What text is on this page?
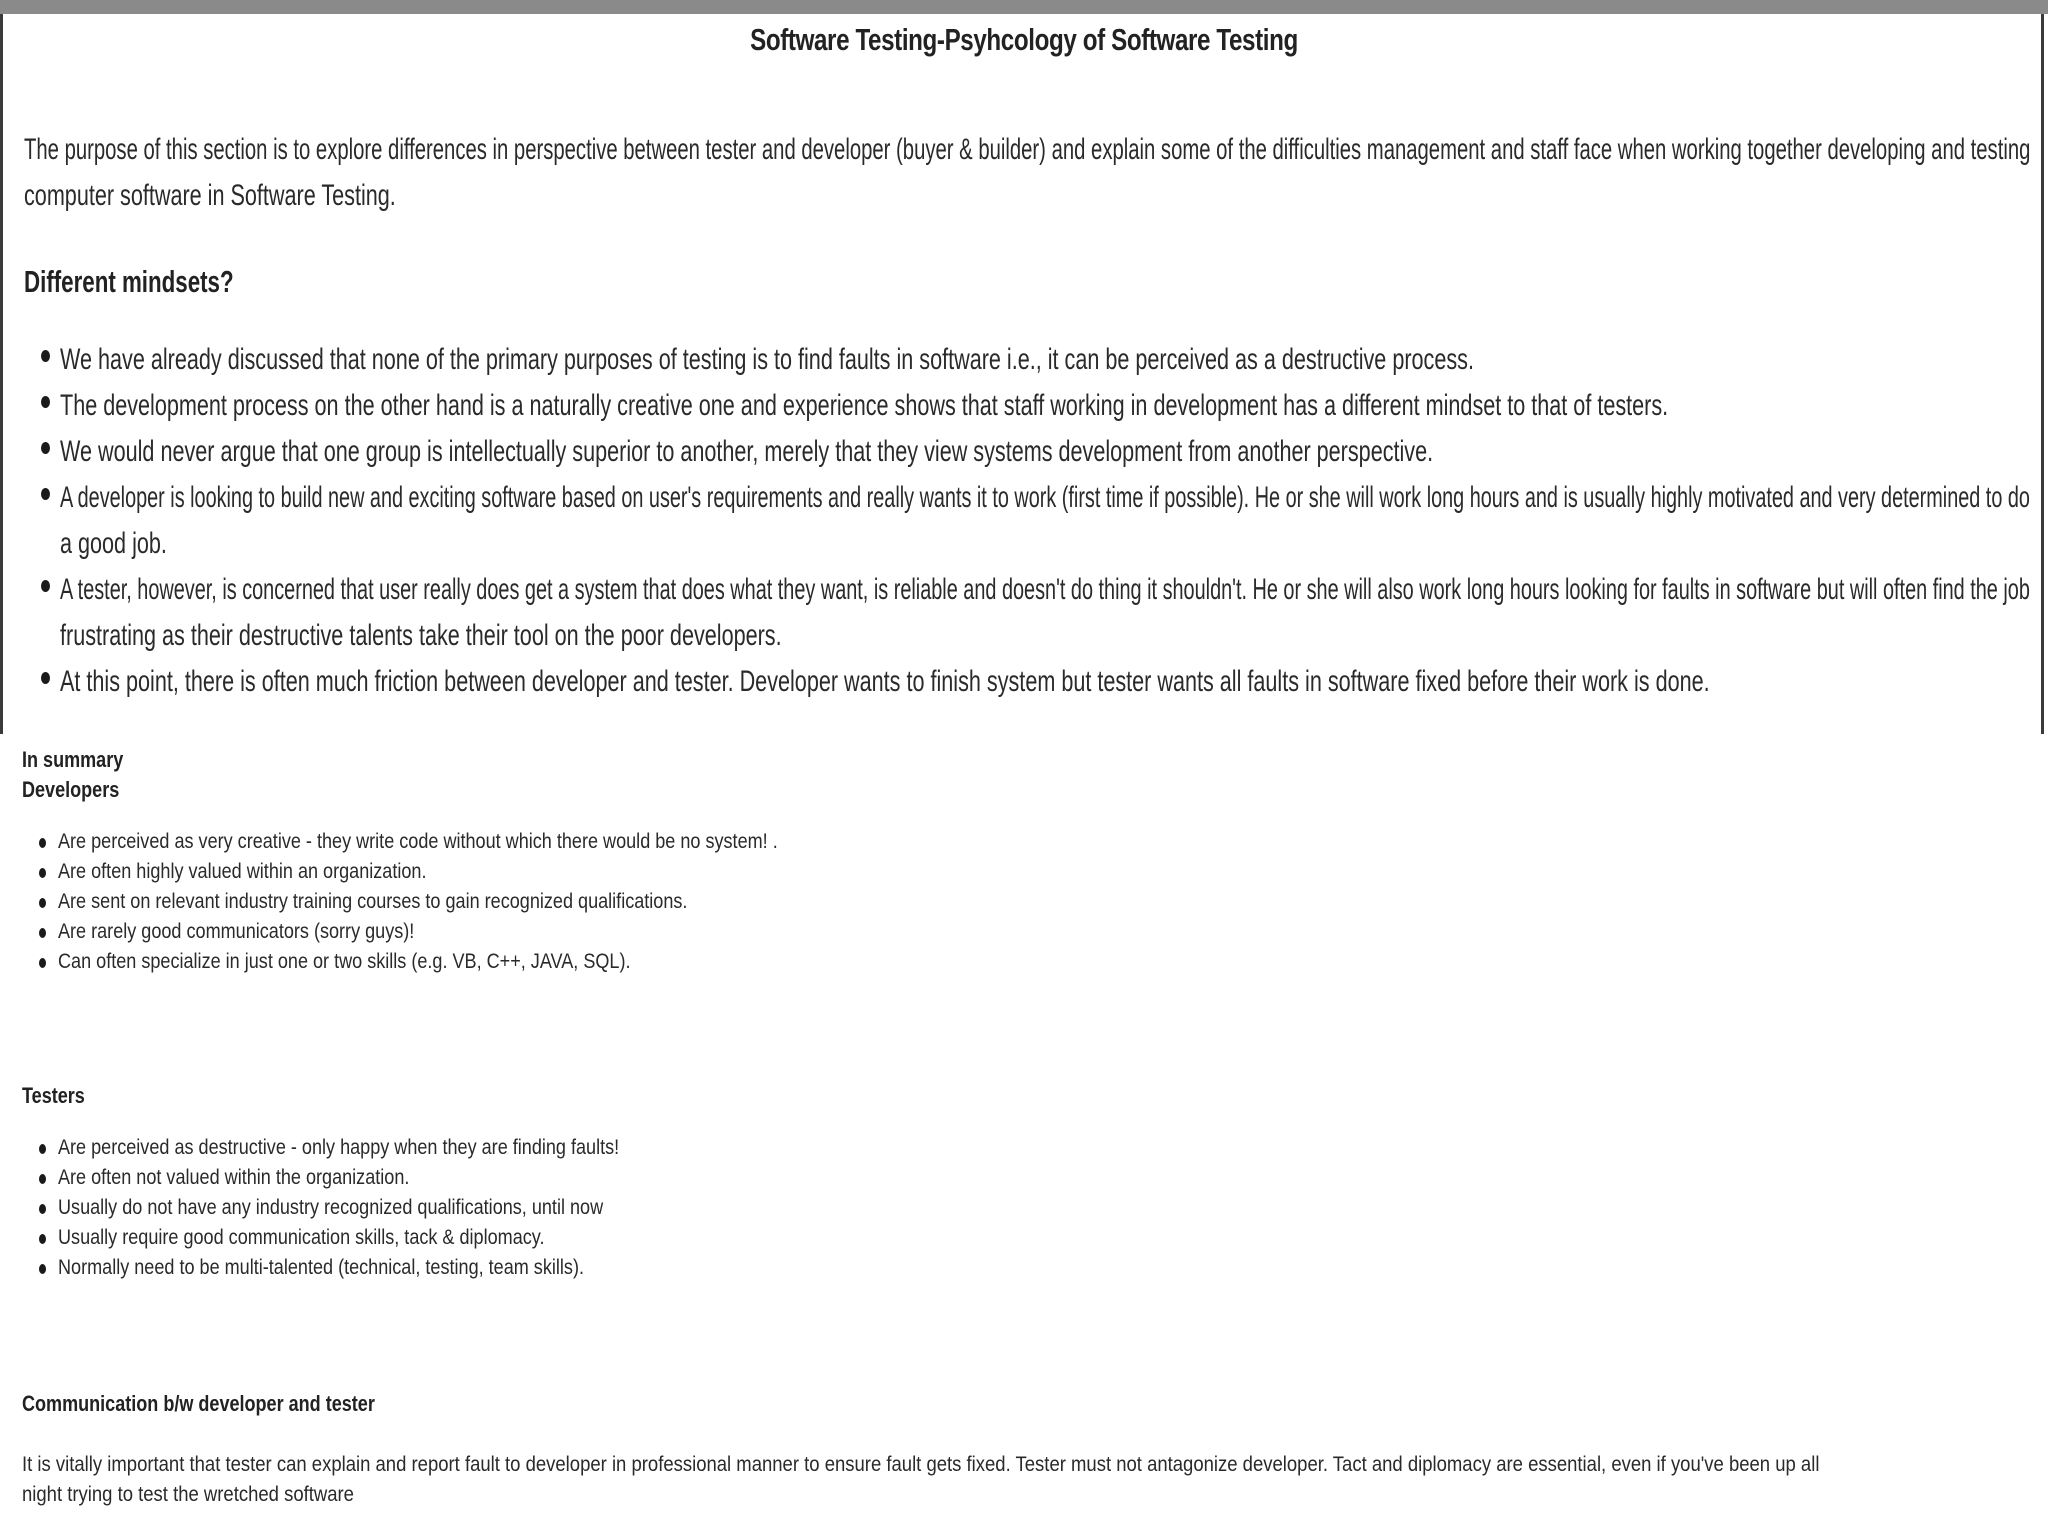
Software Testing-Psyhcology of Software Testing
The purpose of this section is to explore differences in perspective between tester and developer (buyer & builder) and explain some of the difficulties management and staff face when working together developing and testing
computer software in Software Testing.
Different mindsets?
We have already discussed that none of the primary purposes of testing is to find faults in software i.e., it can be perceived as a destructive process.
The development process on the other hand is a naturally creative one and experience shows that staff working in development has a different mindset to that of testers.
We would never argue that one group is intellectually superior to another, merely that they view systems development from another perspective.
A developer is looking to build new and exciting software based on user's requirements and really wants it to work (first time if possible). He or she will work long hours and is usually highly motivated and very determined to do
a good job.
A tester, however, is concerned that user really does get a system that does what they want, is reliable and doesn't do thing it shouldn't. He or she will also work long hours looking for faults in software but will often find the job
frustrating as their destructive talents take their tool on the poor developers.
At this point, there is often much friction between developer and tester. Developer wants to finish system but tester wants all faults in software fixed before their work is done.
In summary
Developers
Are perceived as very creative - they write code without which there would be no system! .
Are often highly valued within an organization.
Are sent on relevant industry training courses to gain recognized qualifications.
Are rarely good communicators (sorry guys)!
Can often specialize in just one or two skills (e.g. VB, C++, JAVA, SQL).
Testers
Are perceived as destructive - only happy when they are finding faults!
Are often not valued within the organization.
Usually do not have any industry recognized qualifications, until now
Usually require good communication skills, tack & diplomacy.
Normally need to be multi-talented (technical, testing, team skills).
Communication b/w developer and tester
It is vitally important that tester can explain and report fault to developer in professional manner to ensure fault gets fixed. Tester must not antagonize developer. Tact and diplomacy are essential, even if you've been up all
night trying to test the wretched software
